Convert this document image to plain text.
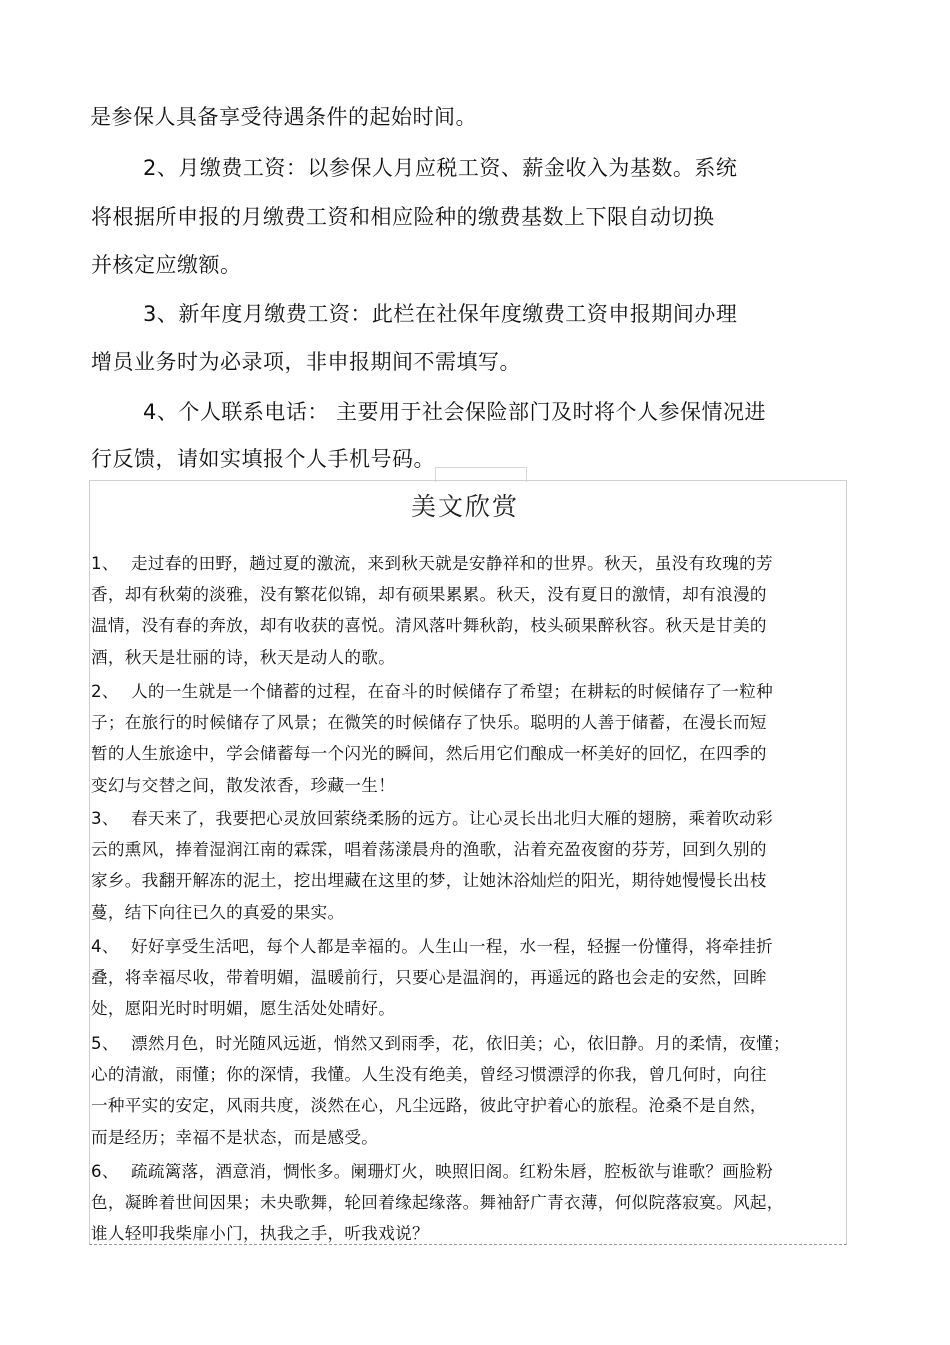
是参保人具备享受待遇条件的起始时间。
2、月缴费工资：以参保人月应税工资、薪金收入为基数。系统
将根据所申报的月缴费工资和相应险种的缴费基数上下限自动切换
并核定应缴额。
3、新年度月缴费工资：此栏在社保年度缴费工资申报期间办理
增员业务时为必录项，非申报期间不需填写。
4、个人联系电话： 主要用于社会保险部门及时将个人参保情况进
行反馈，请如实填报个人手机号码。
美文欣赏
1、 走过春的田野，趟过夏的激流，来到秋天就是安静祥和的世界。秋天，虽没有玫瑰的芳
香，却有秋菊的淡雅，没有繁花似锦，却有硕果累累。秋天，没有夏日的激情，却有浪漫的
温情，没有春的奔放，却有收获的喜悦。清风落叶舞秋韵，枝头硕果醉秋容。秋天是甘美的
酒，秋天是壮丽的诗，秋天是动人的歌。
2、 人的一生就是一个储蓄的过程，在奋斗的时候储存了希望；在耕耘的时候储存了一粒种
子；在旅行的时候储存了风景；在微笑的时候储存了快乐。聪明的人善于储蓄，在漫长而短
暂的人生旅途中，学会储蓄每一个闪光的瞬间，然后用它们酿成一杯美好的回忆，在四季的
变幻与交替之间，散发浓香，珍藏一生！
3、 春天来了，我要把心灵放回萦绕柔肠的远方。让心灵长出北归大雁的翅膀，乘着吹动彩
云的熏风，捧着湿润江南的霖霂，唱着荡漾晨舟的渔歌，沾着充盈夜窗的芬芳，回到久别的
家乡。我翻开解冻的泥土，挖出埋藏在这里的梦，让她沐浴灿烂的阳光，期待她慢慢长出枝
蔓，结下向往已久的真爱的果实。
4、 好好享受生活吧，每个人都是幸福的。人生山一程，水一程，轻握一份懂得，将牵挂折
叠，将幸福尽收，带着明媚，温暖前行，只要心是温润的，再遥远的路也会走的安然，回眸
处，愿阳光时时明媚，愿生活处处晴好。
5、 漂然月色，时光随风远逝，悄然又到雨季，花，依旧美；心，依旧静。月的柔情，夜懂；
心的清澈，雨懂；你的深情，我懂。人生没有绝美，曾经习惯漂浮的你我，曾几何时，向往
一种平实的安定，风雨共度，淡然在心，凡尘远路，彼此守护着心的旅程。沧桑不是自然，
而是经历；幸福不是状态，而是感受。
6、 疏疏篱落，酒意消，惆怅多。阑珊灯火，映照旧阁。红粉朱唇，腔板欲与谁歌？画脸粉
色，凝眸着世间因果；未央歌舞，轮回着缘起缘落。舞袖舒广青衣薄，何似院落寂寞。风起，
谁人轻叩我柴扉小门，执我之手，听我戏说？
